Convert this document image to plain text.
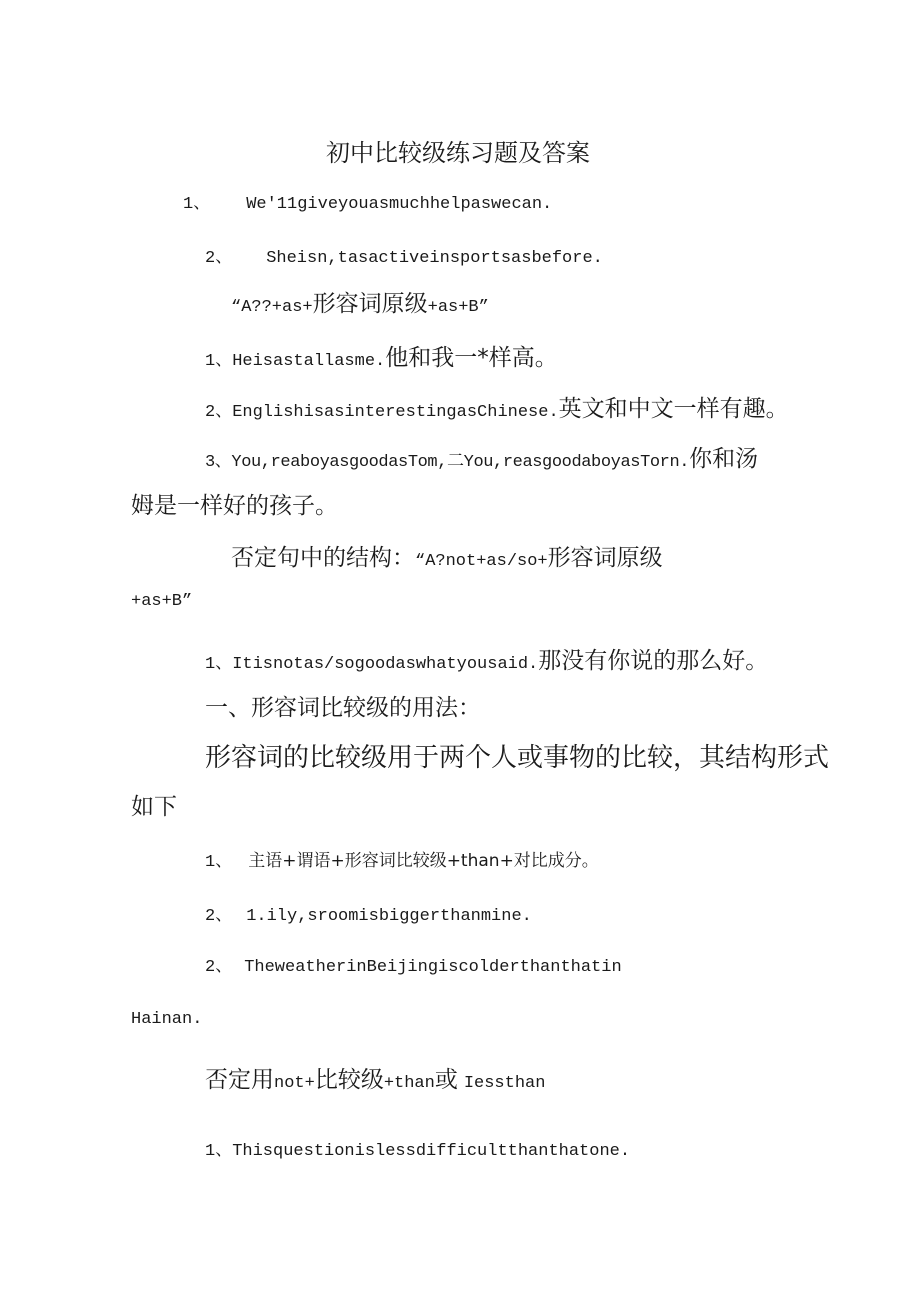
初中比较级练习题及答案
1、 We'11giveyouasmuchhelpaswecan.
2、 Sheisn,tasactiveinsportsasbefore.
“A??+as+形容词原级+as+B”
1、Heisastallasme.他和我一*样高。
2、EnglishisasinterestingasChinese.英文和中文一样有趣。
3、You,reaboyasgoodasTom,二You,reasgoodaboyasTorn.你和汤
姆是一样好的孩子。
否定句中的结构：“A?not+as/so+形容词原级
+as+B”
1、Itisnotas/sogoodaswhatyousaid.那没有你说的那么好。
一、形容词比较级的用法：
形容词的比较级用于两个人或事物的比较，其结构形式
如下
1、 主语+谓语+形容词比较级+than+对比成分。
2、 1.ily,sroomisbiggerthanmine.
2、 TheweatherinBeijingiscolderthanthatin
Hainan.
否定用not+比较级+than或 Iessthan
1、Thisquestionislessdifficultthanthatone.
